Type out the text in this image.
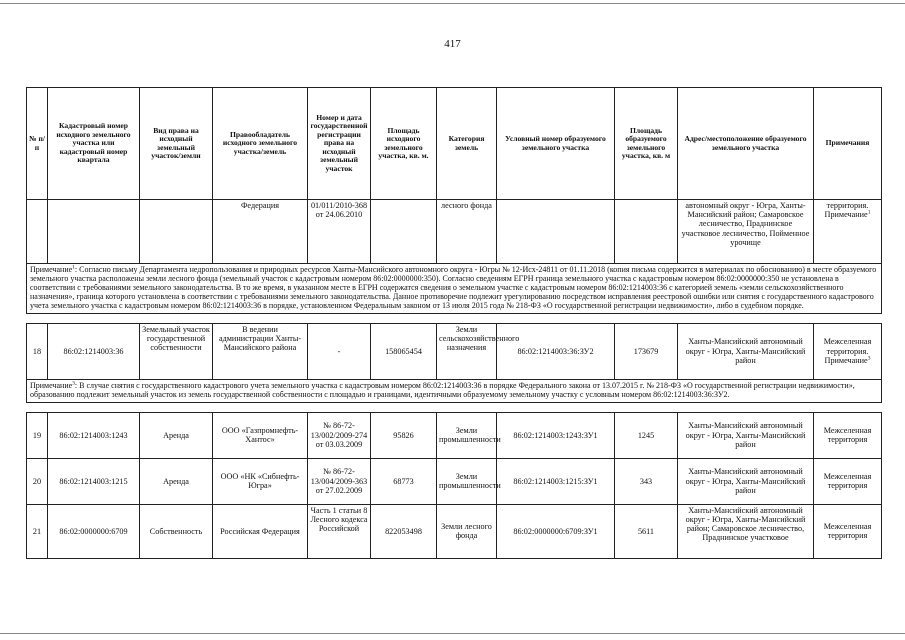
417
№ п/п	Кадастровый номер исходного земельного участка или кадастровый номер квартала	Вид права на исходный земельный участок/земли	Правообладатель исходного земельного участка/земель	Номер и дата государственной регистрации права на исходный земельный участок	Площадь исходного земельного участка, кв. м.	Категория земель	Условный номер образуемого земельного участка	Площадь образуемого земельного участка, кв. м	Адрес/местоположение образуемого земельного участка	Примечания
			Федерация	01/011/2010-368 от 24.06.2010		лесного фонда			автономный округ - Югра, Ханты-Мансийский район; Самаровское лесничество, Праднинское участковое лесничество, Пойменное урочище	территория. Примечание$^1$
Примечание$^1$: Согласно письму Департамента недропользования и природных ресурсов Ханты-Мансийского автономного округа - Югры № 12-Исх-24811 от 01.11.2018 (копия письма содержится в материалах по обоснованию) в месте образуемого земельного участка расположены земли лесного фонда (земельный участок с кадастровым номером 86:02:0000000:350). Согласно сведениям ЕГРН граница земельного участка с кадастровым номером 86:02:0000000:350 не установлена в соответствии с требованиями земельного законодательства. В то же время, в указанном месте в ЕГРН содержатся сведения о земельном участке с кадастровым номером 86:02:1214003:36 с категорией земель «земли сельскохозяйственного назначения», граница которого установлена в соответствии с требованиями земельного законодательства. Данное противоречие подлежит урегулированию посредством исправления реестровой ошибки или снятия с государственного кадастрового учета земельного участка с кадастровым номером 86:02:1214003:36 в порядке, установленном Федеральным законом от 13 июля 2015 года № 218-ФЗ «О государственной регистрации недвижимости», либо в судебном порядке.										

18	86:02:1214003:36	Земельный участок государственной собственности	В ведении администрации Ханты-Мансийского района	-	158065454	Земли сельскохозяйственного назначения	86:02:1214003:36:ЗУ2	173679	Ханты-Мансийский автономный округ - Югра, Ханты-Мансийский район	Межселенная территория. Примечание$^3$
Примечание$^3$: В случае снятия с государственного кадастрового учета земельного участка с кадастровым номером 86:02:1214003:36 в порядке Федерального закона от 13.07.2015 г. № 218-ФЗ «О государственной регистрации недвижимости», образованию подлежит земельный участок из земель государственной собственности с площадью и границами, идентичными образуемому земельному участку с условным номером 86:02:1214003:36:ЗУ2.										

19	86:02:1214003:1243	Аренда	ООО «Газпромнефть-Хантос»	№ 86-72-13/002/2009-274 от 03.03.2009	95826	Земли промышленности	86:02:1214003:1243:ЗУ1	1245	Ханты-Мансийский автономный округ - Югра, Ханты-Мансийский район	Межселенная территория
20	86:02:1214003:1215	Аренда	ООО «НК «Сибнефть-Югра»	№ 86-72-13/004/2009-363 от 27.02.2009	68773	Земли промышленности	86:02:1214003:1215:ЗУ1	343	Ханты-Мансийский автономный округ - Югра, Ханты-Мансийский район	Межселенная территория
21	86:02:0000000:6709	Собственность	Российская Федерация	Часть 1 статьи 8 Лесного кодекса Российской	822053498	Земли лесного фонда	86:02:0000000:6709:ЗУ1	5611	Ханты-Мансийский автономный округ - Югра, Ханты-Мансийский район; Самаровское лесничество, Праднинское участковое	Межселенная территория
